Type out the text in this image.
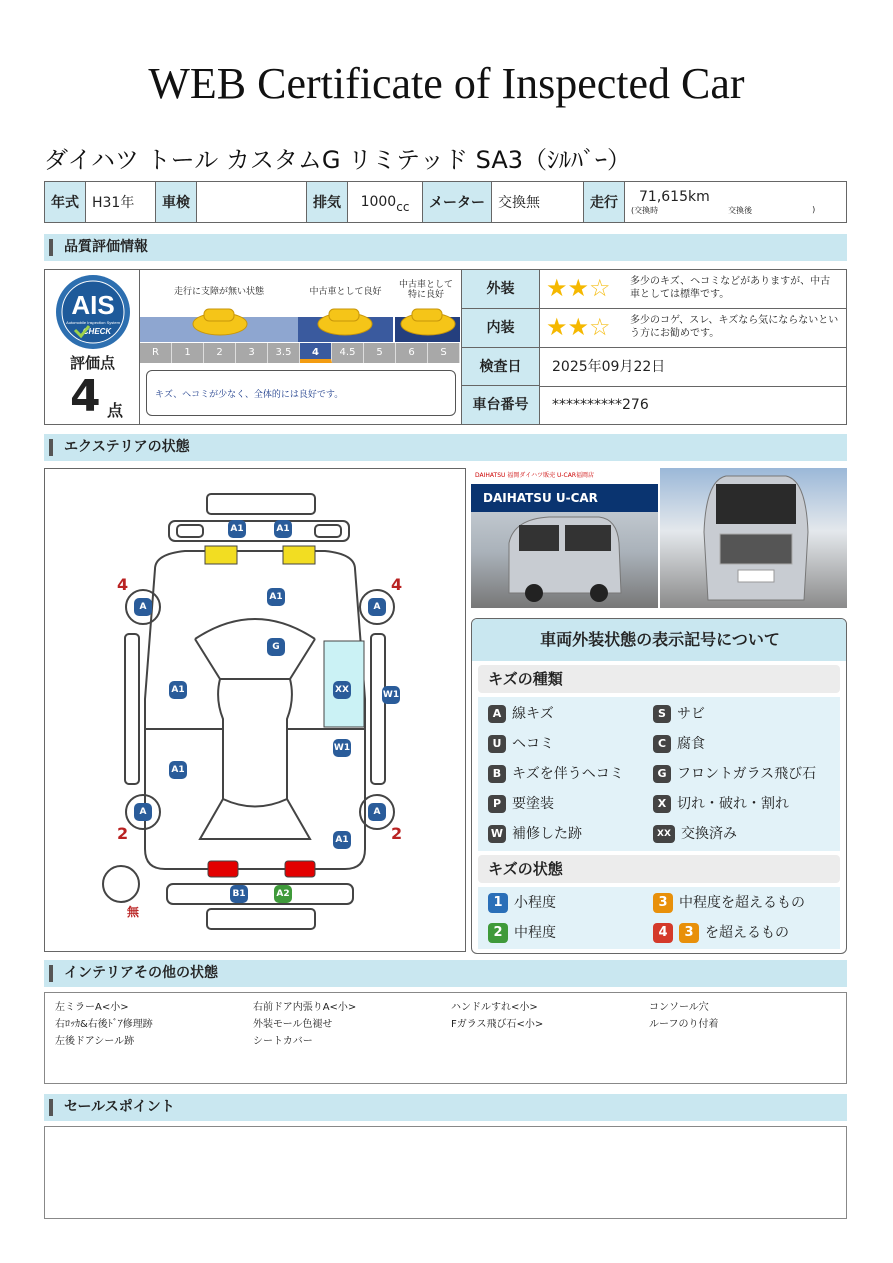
WEB Certificate of Inspected Car
ダイハツ トール カスタムG リミテッド SA3（ｼﾙﾊﾞｰ）
年式	H31年	車検		排気	1000cc	メーター	交換無	走行	71,615km
(交換時	交換後	)
品質評価情報
AIS
Automobile Inspection System
CHECK
評価点
4 点
走行に支障が無い状態	中古車として良好
中古車として特に良好
R	1	2	3	3.5	4	4.5	5	6	S
キズ、ヘコミが少なく、全体的には良好です。
外装	★★☆ 多少のキズ、ヘコミなどがありますが、中古車としては標準です。
内装	★★☆ 多少のコゲ、スレ、キズなら気にならないという方にお勧めです。
検査日	2025年09月22日
車台番号	**********276
エクステリアの状態
4	4
2	2
無
A1	A1
A1
A	A
G
A1	XX	W1
W1
A1
A	A
A1
B1	A2
DAIHATSU 福岡ダイハツ販売 U-CAR福岡店
DAIHATSU U-CAR
車両外装状態の表示記号について
キズの種類
A 線キズ	S サビ
U ヘコミ	C 腐食
B キズを伴うヘコミ	G フロントガラス飛び石
P 要塗装	X 切れ・破れ・割れ
W 補修した跡	XX 交換済み
キズの状態
1 小程度	3 中程度を超えるもの
2 中程度	4 3 を超えるもの
インテリアその他の状態
左ミラーA<小>	右前ドア内張りA<小>	ハンドルすれ<小>	コンソール穴
右ﾛｯｶ&右後ﾄﾞｱ修理跡	外装モール色褪せ	Fガラス飛び石<小>	ルーフのり付着
左後ドアシール跡	シートカバー
セールスポイント
